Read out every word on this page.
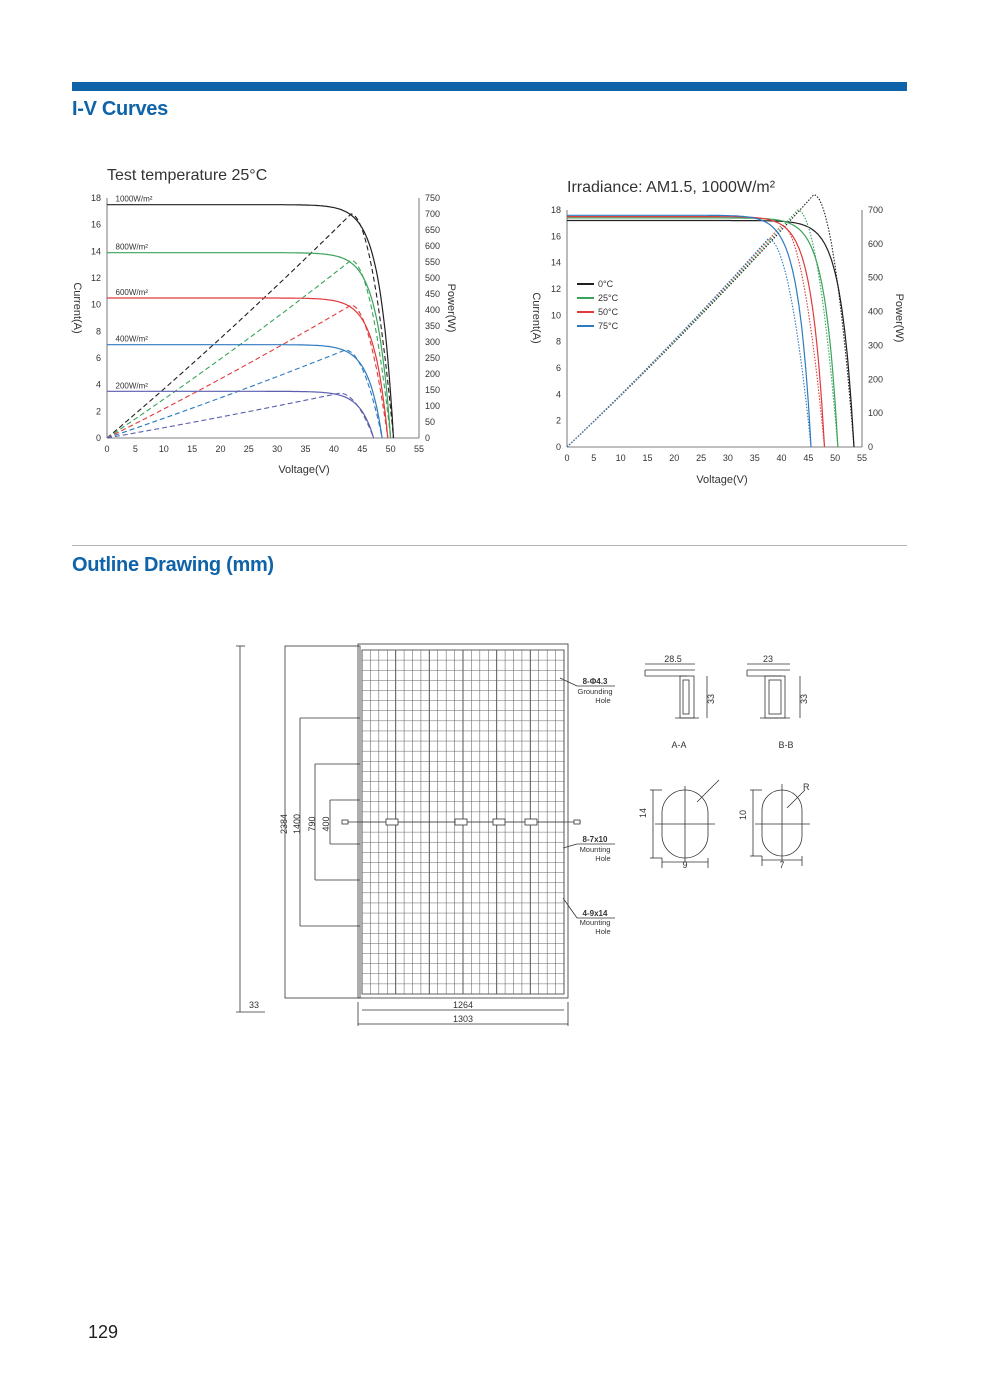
I-V Curves
Test temperature 25°C
0	5 10 15 20 25 30 35 40 45 50 55
0
2
4
6
8
10
12
14
16
18
0
50
100
150
200
250
300
350
400
450
500
550
600
650
700
750
1000W/m²
800W/m²
600W/m²
400W/m²
200W/m²
Voltage(V)
Current(A)	Power(W)
Irradiance: AM1.5, 1000W/m²
0 5 10 15 20 25 30 35 40 45 50 55
0
2
4
6
8
10
12
14
16
18
0
100
200
300
400
500
600
700
0°C
25°C
50°C
75°C
Voltage(V)
Current(A)	Power(W)
Outline Drawing (mm)
2384 1400 790 400
33	1264
1303
8-Φ4.3
Grounding
Hole
8-7x10
Mounting
Hole
4-9x14
Mounting
Hole
28.5
33
A-A
23
33
B-B
14
9
10
7
R
129
